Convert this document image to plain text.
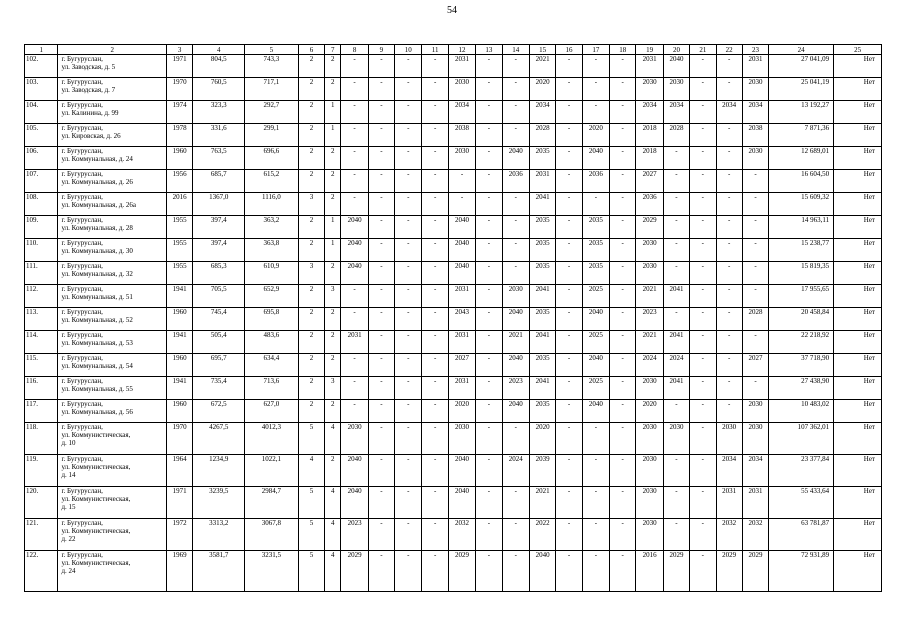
54
1	2	3	4	5	6	7	8	9	10	11	12	13	14	15	16	17	18	19	20	21	22	23	24	25
102.	г. Бугуруслан,
ул. Заводская, д. 5	1971	804,5	743,3	2	2	-	-	-	-	2031	-	-	2021	-	-	-	2031	2040	-	-	2031	27 041,09	Нет
103.	г. Бугуруслан,
ул. Заводская, д. 7	1970	760,5	717,1	2	2	-	-	-	-	2030	-	-	2020	-	-	-	2030	2030	-	-	2030	25 041,19	Нет
104.	г. Бугуруслан,
ул. Калинина, д. 99	1974	323,3	292,7	2	1	-	-	-	-	2034	-	-	2034	-	-	-	2034	2034	-	2034	2034	13 192,27	Нет
105.	г. Бугуруслан,
ул. Кировская, д. 26	1978	331,6	299,1	2	1	-	-	-	-	2038	-	-	2028	-	2020	-	2018	2028	-	-	2038	7 871,36	Нет
106.	г. Бугуруслан,
ул. Коммунальная, д. 24	1960	763,5	696,6	2	2	-	-	-	-	2030	-	2040	2035	-	2040	-	2018	-	-	-	2030	12 689,01	Нет
107.	г. Бугуруслан,
ул. Коммунальная, д. 26	1956	685,7	615,2	2	2	-	-	-	-	-	-	2036	2031	-	2036	-	2027	-	-	-	-	16 604,50	Нет
108.	г. Бугуруслан,
ул. Коммунальная, д. 26а	2016	1367,0	1116,0	3	2	-	-	-	-	-	-	-	2041	-	-	-	2036	-	-	-	-	15 609,32	Нет
109.	г. Бугуруслан,
ул. Коммунальная, д. 28	1955	397,4	363,2	2	1	2040	-	-	-	2040	-	-	2035	-	2035	-	2029	-	-	-	-	14 963,11	Нет
110.	г. Бугуруслан,
ул. Коммунальная, д. 30	1955	397,4	363,8	2	1	2040	-	-	-	2040	-	-	2035	-	2035	-	2030	-	-	-	-	15 238,77	Нет
111.	г. Бугуруслан,
ул. Коммунальная, д. 32	1955	685,3	610,9	3	2	2040	-	-	-	2040	-	-	2035	-	2035	-	2030	-	-	-	-	15 819,35	Нет
112.	г. Бугуруслан,
ул. Коммунальная, д. 51	1941	705,5	652,9	2	3	-	-	-	-	2031	-	2030	2041	-	2025	-	2021	2041	-	-	-	17 955,65	Нет
113.	г. Бугуруслан,
ул. Коммунальная, д. 52	1960	745,4	695,8	2	2	-	-	-	-	2043	-	2040	2035	-	2040	-	2023	-	-	-	2028	20 458,84	Нет
114.	г. Бугуруслан,
ул. Коммунальная, д. 53	1941	505,4	483,6	2	2	2031	-	-	-	2031	-	2021	2041	-	2025	-	2021	2041	-	-	-	22 218,92	Нет
115.	г. Бугуруслан,
ул. Коммунальная, д. 54	1960	695,7	634,4	2	2	-	-	-	-	2027	-	2040	2035	-	2040	-	2024	2024	-	-	2027	37 718,90	Нет
116.	г. Бугуруслан,
ул. Коммунальная, д. 55	1941	735,4	713,6	2	3	-	-	-	-	2031	-	2023	2041	-	2025	-	2030	2041	-	-	-	27 438,90	Нет
117.	г. Бугуруслан,
ул. Коммунальная, д. 56	1960	672,5	627,0	2	2	-	-	-	-	2020	-	2040	2035	-	2040	-	2020	-	-	-	2030	10 483,02	Нет
118.	г. Бугуруслан,
ул. Коммунистическая,
д. 10	1970	4267,5	4012,3	5	4	2030	-	-	-	2030	-	-	2020	-	-	-	2030	2030	-	2030	2030	107 362,01	Нет
119.	г. Бугуруслан,
ул. Коммунистическая,
д. 14	1964	1234,9	1022,1	4	2	2040	-	-	-	2040	-	2024	2039	-	-	-	2030	-	-	2034	2034	23 377,84	Нет
120.	г. Бугуруслан,
ул. Коммунистическая,
д. 15	1971	3239,5	2984,7	5	4	2040	-	-	-	2040	-	-	2021	-	-	-	2030	-	-	2031	2031	55 433,64	Нет
121.	г. Бугуруслан,
ул. Коммунистическая,
д. 22	1972	3313,2	3067,8	5	4	2023	-	-	-	2032	-	-	2022	-	-	-	2030	-	-	2032	2032	63 781,87	Нет
122.	г. Бугуруслан,
ул. Коммунистическая,
д. 24	1969	3581,7	3231,5	5	4	2029	-	-	-	2029	-	-	2040	-	-	-	2016	2029	-	2029	2029	72 931,89	Нет
